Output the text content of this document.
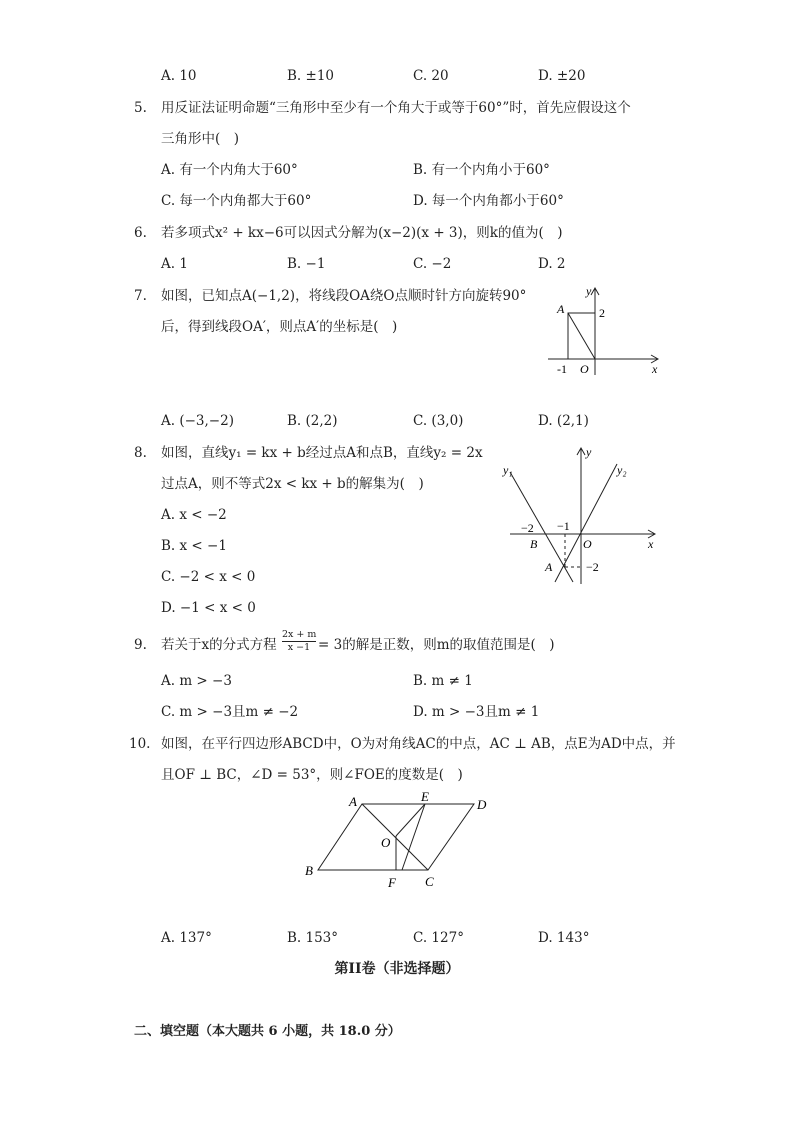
A. 10	B. ±10	C. 20	D. ±20
5. 用反证法证明命题“三角形中至少有一个角大于或等于60°”时，首先应假设这个
三角形中(　)
A. 有一个内角大于60°	B. 有一个内角小于60°
C. 每一个内角都大于60°	D. 每一个内角都小于60°
6. 若多项式x² + kx−6可以因式分解为(x−2)(x + 3)，则k的值为(　)
A. 1	B. −1	C. −2	D. 2
7. 如图，已知点A(−1,2)，将线段OA绕O点顺时针方向旋转90°
后，得到线段OA′，则点A′的坐标是(　)
A
y
2
-1 O	x
A. (−3,−2)	B. (2,2)	C. (3,0)	D. (2,1)
8. 如图，直线y₁ = kx + b经过点A和点B，直线y₂ = 2x
过点A，则不等式2x < kx + b的解集为(　)
A. x < −2
B. x < −1
C. −2 < x < 0
D. −1 < x < 0
y
y₁	y₂
−2 −1
B	O	x
A	−2
9. 若关于x的分式方程 $\frac{2x + m}{x -1} = 3$的解是正数，则m的取值范围是(　)
A. m > −3	B. m ≠ 1
C. m > −3且m ≠ −2	D. m > −3且m ≠ 1
10. 如图，在平行四边形ABCD中，O为对角线AC的中点，AC ⊥ AB，点E为AD中点，并
且OF ⊥ BC，∠D = 53°，则∠FOE的度数是(　)
A	E
D
O
B
F C
A. 137°	B. 153°	C. 127°	D. 143°
第II卷（非选择题）
二、填空题（本大题共 6 小题，共 18.0 分）
